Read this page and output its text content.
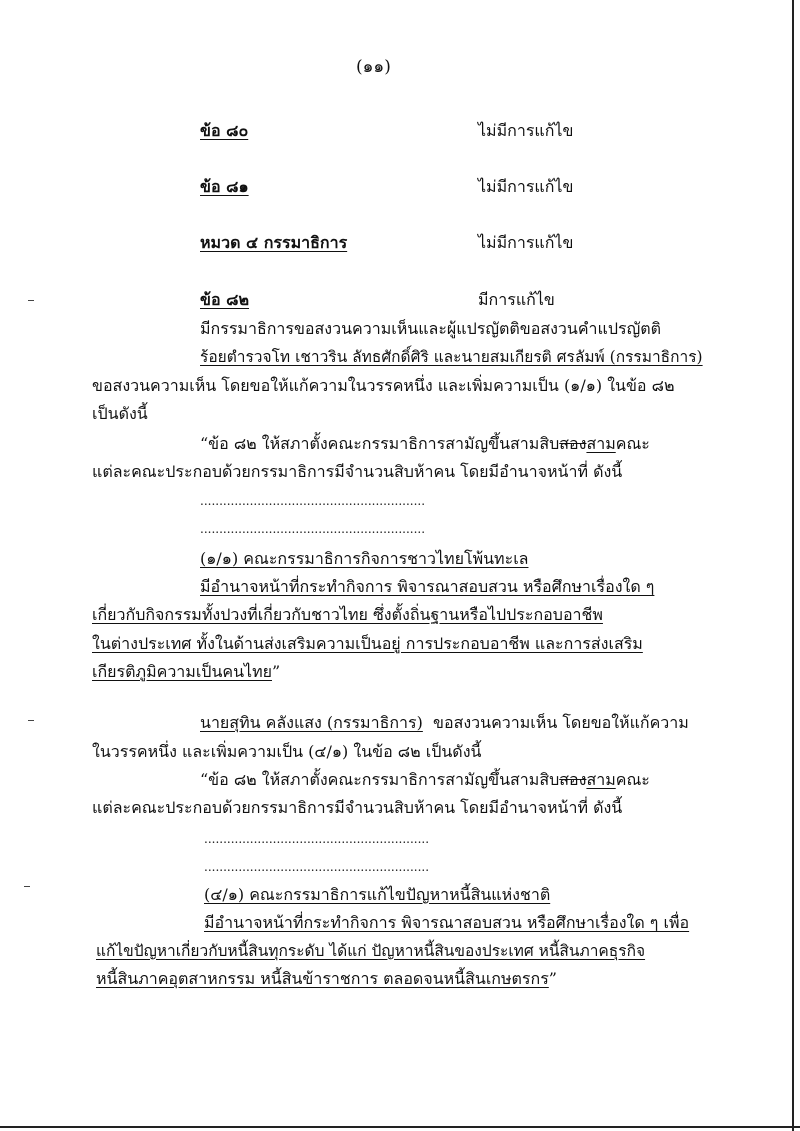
(๑๑)
ข้อ ๘๐	ไม่มีการแก้ไข
ข้อ ๘๑	ไม่มีการแก้ไข
หมวด ๔ กรรมาธิการ	ไม่มีการแก้ไข
ข้อ ๘๒	มีการแก้ไข
มีกรรมาธิการขอสงวนความเห็นและผู้แปรญัตติขอสงวนคำแปรญัตติ
ร้อยตำรวจโท เชาวริน ลัทธศักดิ์ศิริ และนายสมเกียรติ ศรลัมพ์ (กรรมาธิการ)
ขอสงวนความเห็น โดยขอให้แก้ความในวรรคหนึ่ง และเพิ่มความเป็น (๑/๑) ในข้อ ๘๒
เป็นดังนี้
“ข้อ ๘๒ ให้สภาตั้งคณะกรรมาธิการสามัญขึ้นสามสิบสองสามคณะ
แต่ละคณะประกอบด้วยกรรมาธิการมีจำนวนสิบห้าคน โดยมีอำนาจหน้าที่ ดังนี้
...........................................................
...........................................................
(๑/๑) คณะกรรมาธิการกิจการชาวไทยโพ้นทะเล
มีอำนาจหน้าที่กระทำกิจการ พิจารณาสอบสวน หรือศึกษาเรื่องใด ๆ
เกี่ยวกับกิจกรรมทั้งปวงที่เกี่ยวกับชาวไทย ซึ่งตั้งถิ่นฐานหรือไปประกอบอาชีพ
ในต่างประเทศ ทั้งในด้านส่งเสริมความเป็นอยู่ การประกอบอาชีพ และการส่งเสริม
เกียรติภูมิความเป็นคนไทย”
นายสุทิน คลังแสง (กรรมาธิการ) ขอสงวนความเห็น โดยขอให้แก้ความ
ในวรรคหนึ่ง และเพิ่มความเป็น (๔/๑) ในข้อ ๘๒ เป็นดังนี้
“ข้อ ๘๒ ให้สภาตั้งคณะกรรมาธิการสามัญขึ้นสามสิบสองสามคณะ
แต่ละคณะประกอบด้วยกรรมาธิการมีจำนวนสิบห้าคน โดยมีอำนาจหน้าที่ ดังนี้
...........................................................
...........................................................
(๔/๑) คณะกรรมาธิการแก้ไขปัญหาหนี้สินแห่งชาติ
มีอำนาจหน้าที่กระทำกิจการ พิจารณาสอบสวน หรือศึกษาเรื่องใด ๆ เพื่อ
แก้ไขปัญหาเกี่ยวกับหนี้สินทุกระดับ ได้แก่ ปัญหาหนี้สินของประเทศ หนี้สินภาคธุรกิจ
หนี้สินภาคอุตสาหกรรม หนี้สินข้าราชการ ตลอดจนหนี้สินเกษตรกร”
